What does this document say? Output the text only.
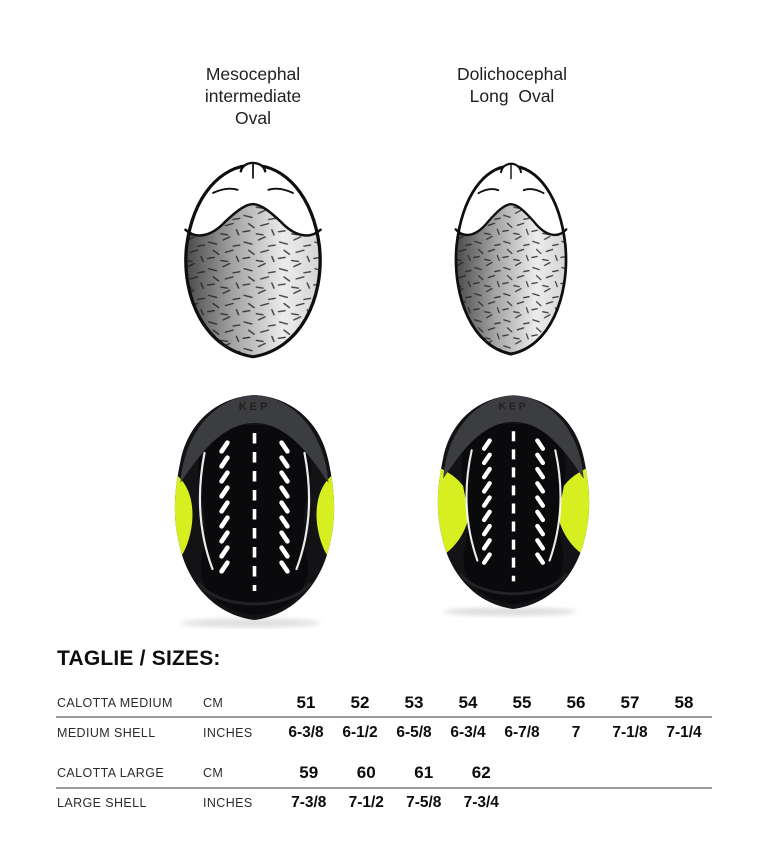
Mesocephal
intermediate
Oval
Dolichocephal
Long  Oval
KEP	KEP
TAGLIE / SIZES:
CALOTTA MEDIUM CM	51	52	53	54	55	56	57	58
MEDIUM SHELL	INCHES	6-3/8	6-1/2	6-5/8	6-3/4	6-7/8	7	7-1/8	7-1/4
CALOTTA LARGE	CM	59	60	61	62
LARGE SHELL	INCHES	7-3/8	7-1/2	7-5/8	7-3/4
